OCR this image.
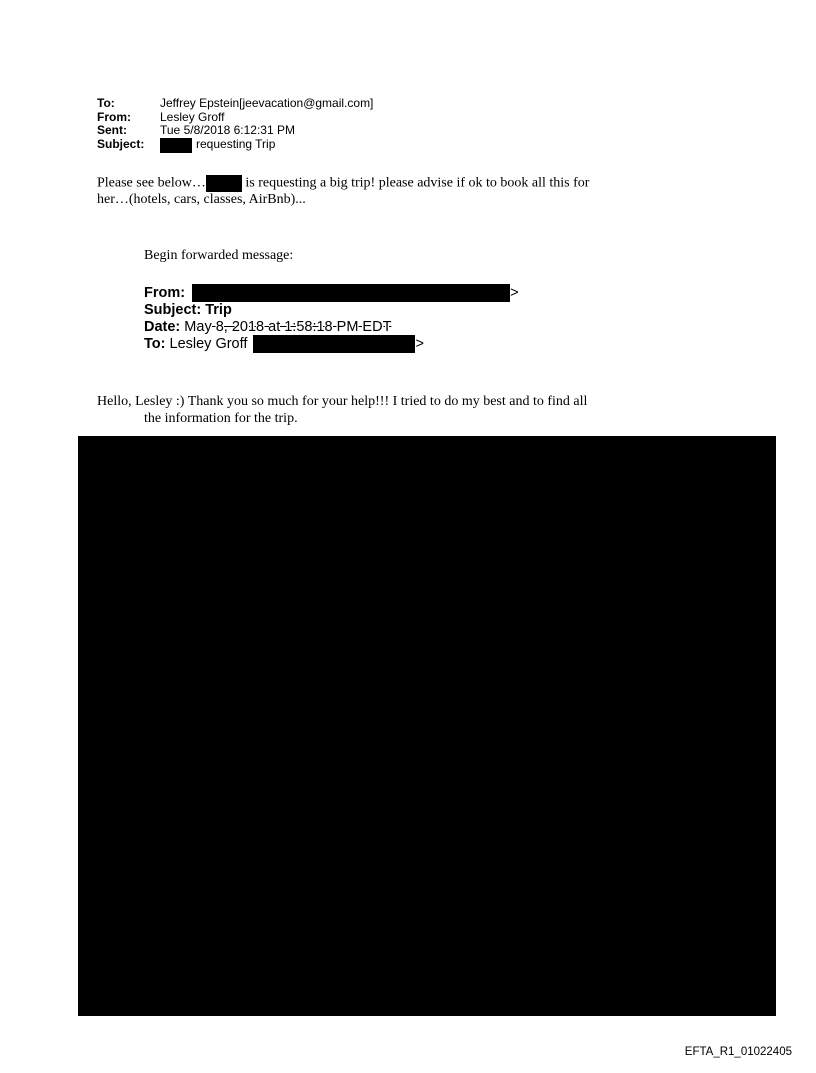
To:	Jeffrey Epstein[jeevacation@gmail.com]
From:	Lesley Groff
Sent:	Tue 5/8/2018 6:12:31 PM
Subject:	requesting Trip
Please see below…	is requesting a big trip! please advise if ok to book all this for
her…(hotels, cars, classes, AirBnb)...
Begin forwarded message:
From:	>
Subject: Trip
Date: May 8, 2018 at 1:58:18 PM EDT
To: Lesley Groff	>
Hello, Lesley :) Thank you so much for your help!!! I tried to do my best and to find all
the information for the trip.
EFTA_R1_01022405
